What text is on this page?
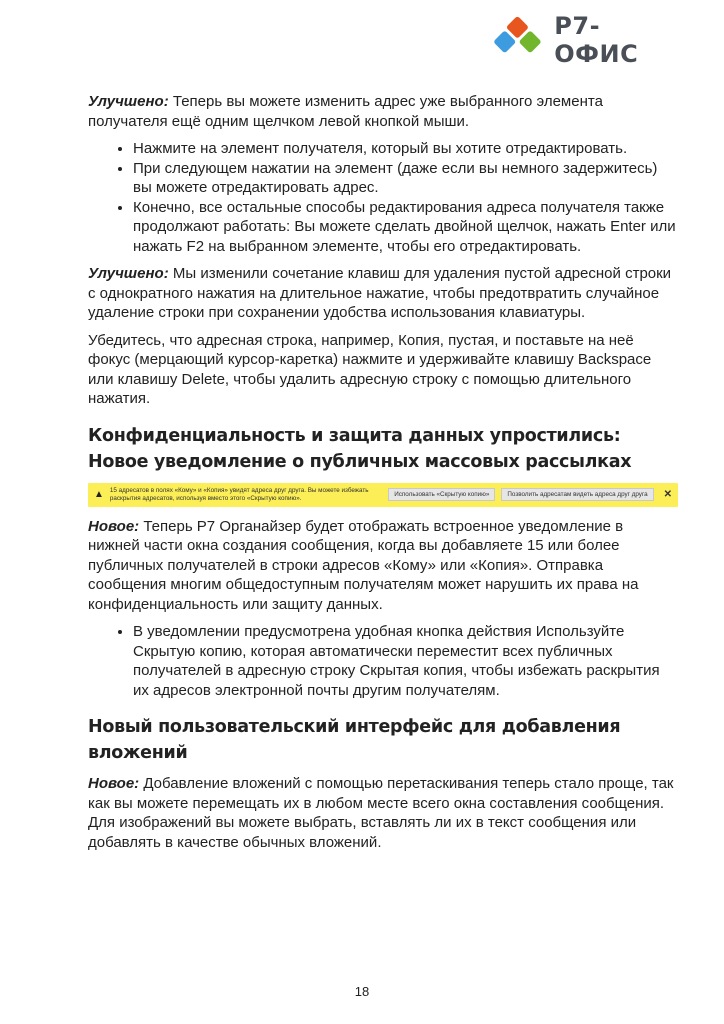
Р7-ОФИС

Улучшено: Теперь вы можете изменить адрес уже выбранного элемента получателя ещё одним щелчком левой кнопкой мыши.

• Нажмите на элемент получателя, который вы хотите отредактировать.
• При следующем нажатии на элемент (даже если вы немного задержитесь) вы можете отредактировать адрес.
• Конечно, все остальные способы редактирования адреса получателя также продолжают работать: Вы можете сделать двойной щелчок, нажать Enter или нажать F2 на выбранном элементе, чтобы его отредактировать.

Улучшено: Мы изменили сочетание клавиш для удаления пустой адресной строки с однократного нажатия на длительное нажатие, чтобы предотвратить случайное удаление строки при сохранении удобства использования клавиатуры.

Убедитесь, что адресная строка, например, Копия, пустая, и поставьте на неё фокус (мерцающий курсор-каретка) нажмите и удерживайте клавишу Backspace или клавишу Delete, чтобы удалить адресную строку с помощью длительного нажатия.

Конфиденциальность и защита данных упростились: Новое уведомление о публичных массовых рассылках
▲ 15 адресатов в полях «Кому» и «Копия» увидят адреса друг друга. Вы можете избежать раскрытия адресатов, используя вместо этого «Скрытую копию».	Использовать «Скрытую копию»	Позволить адресатам видеть адреса друг друга	✕

Новое: Теперь Р7 Органайзер будет отображать встроенное уведомление в нижней части окна создания сообщения, когда вы добавляете 15 или более публичных получателей в строки адресов «Кому» или «Копия». Отправка сообщения многим общедоступным получателям может нарушить их права на конфиденциальность или защиту данных.

• В уведомлении предусмотрена удобная кнопка действия Используйте Скрытую копию, которая автоматически переместит всех публичных получателей в адресную строку Скрытая копия, чтобы избежать раскрытия их адресов электронной почты другим получателям.
Новый пользовательский интерфейс для добавления вложений

Новое: Добавление вложений с помощью перетаскивания теперь стало проще, так как вы можете перемещать их в любом месте всего окна составления сообщения. Для изображений вы можете выбрать, вставлять ли их в текст сообщения или добавлять в качестве обычных вложений.

18
